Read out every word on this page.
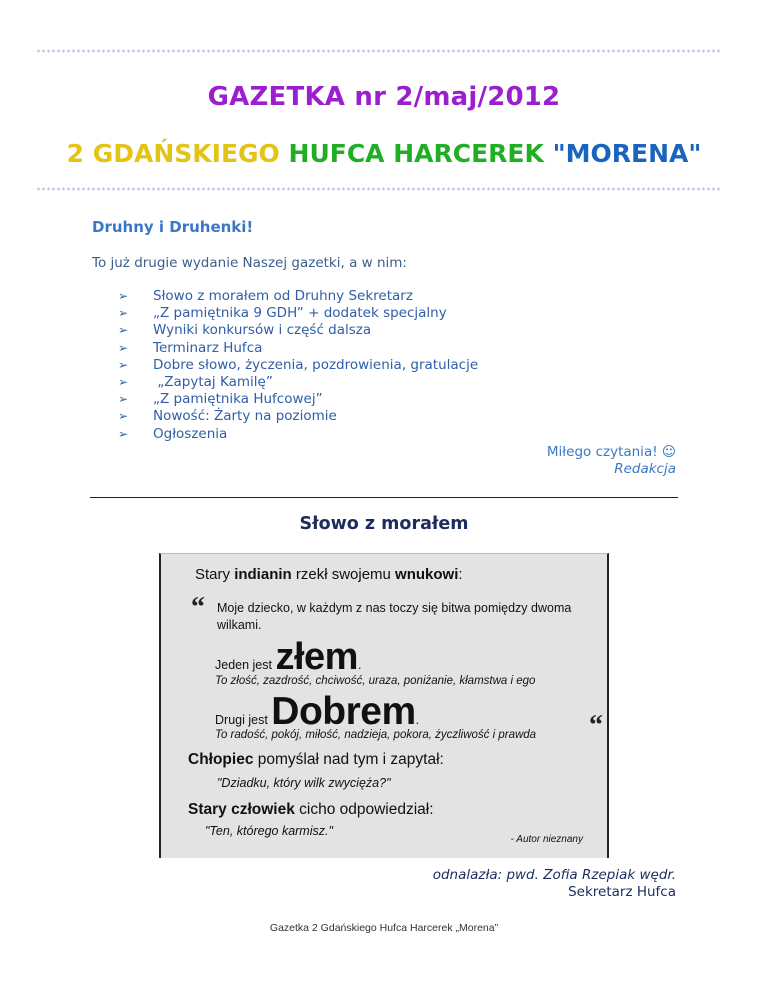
GAZETKA nr 2/maj/2012
2 GDAŃSKIEGO HUFCA HARCEREK "MORENA"
Druhny i Druhenki!
To już drugie wydanie Naszej gazetki, a w nim:
➢ Słowo z morałem od Druhny Sekretarz
➢ „Z pamiętnika 9 GDH” + dodatek specjalny
➢ Wyniki konkursów i część dalsza
➢ Terminarz Hufca
➢ Dobre słowo, życzenia, pozdrowienia, gratulacje
➢ „Zapytaj Kamilę”
➢ „Z pamiętnika Hufcowej”
➢ Nowość: Żarty na poziomie
➢ Ogłoszenia
Miłego czytania! ☺
Redakcja
Słowo z morałem
Stary indianin rzekł swojemu wnukowi:
“ Moje dziecko, w każdym z nas toczy się bitwa pomiędzy dwoma wilkami.
Jeden jest złem.
To złość, zazdrość, chciwość, uraza, poniżanie, kłamstwa i ego
Drugi jest Dobrem.
To radość, pokój, miłość, nadzieja, pokora, życzliwość i prawda “
Chłopiec pomyślał nad tym i zapytał:
"Dziadku, który wilk zwycięża?"
Stary człowiek cicho odpowiedział:
"Ten, którego karmisz."
- Autor nieznany
odnalazła: pwd. Zofia Rzepiak wędr.
Sekretarz Hufca
Gazetka 2 Gdańskiego Hufca Harcerek „Morena”
